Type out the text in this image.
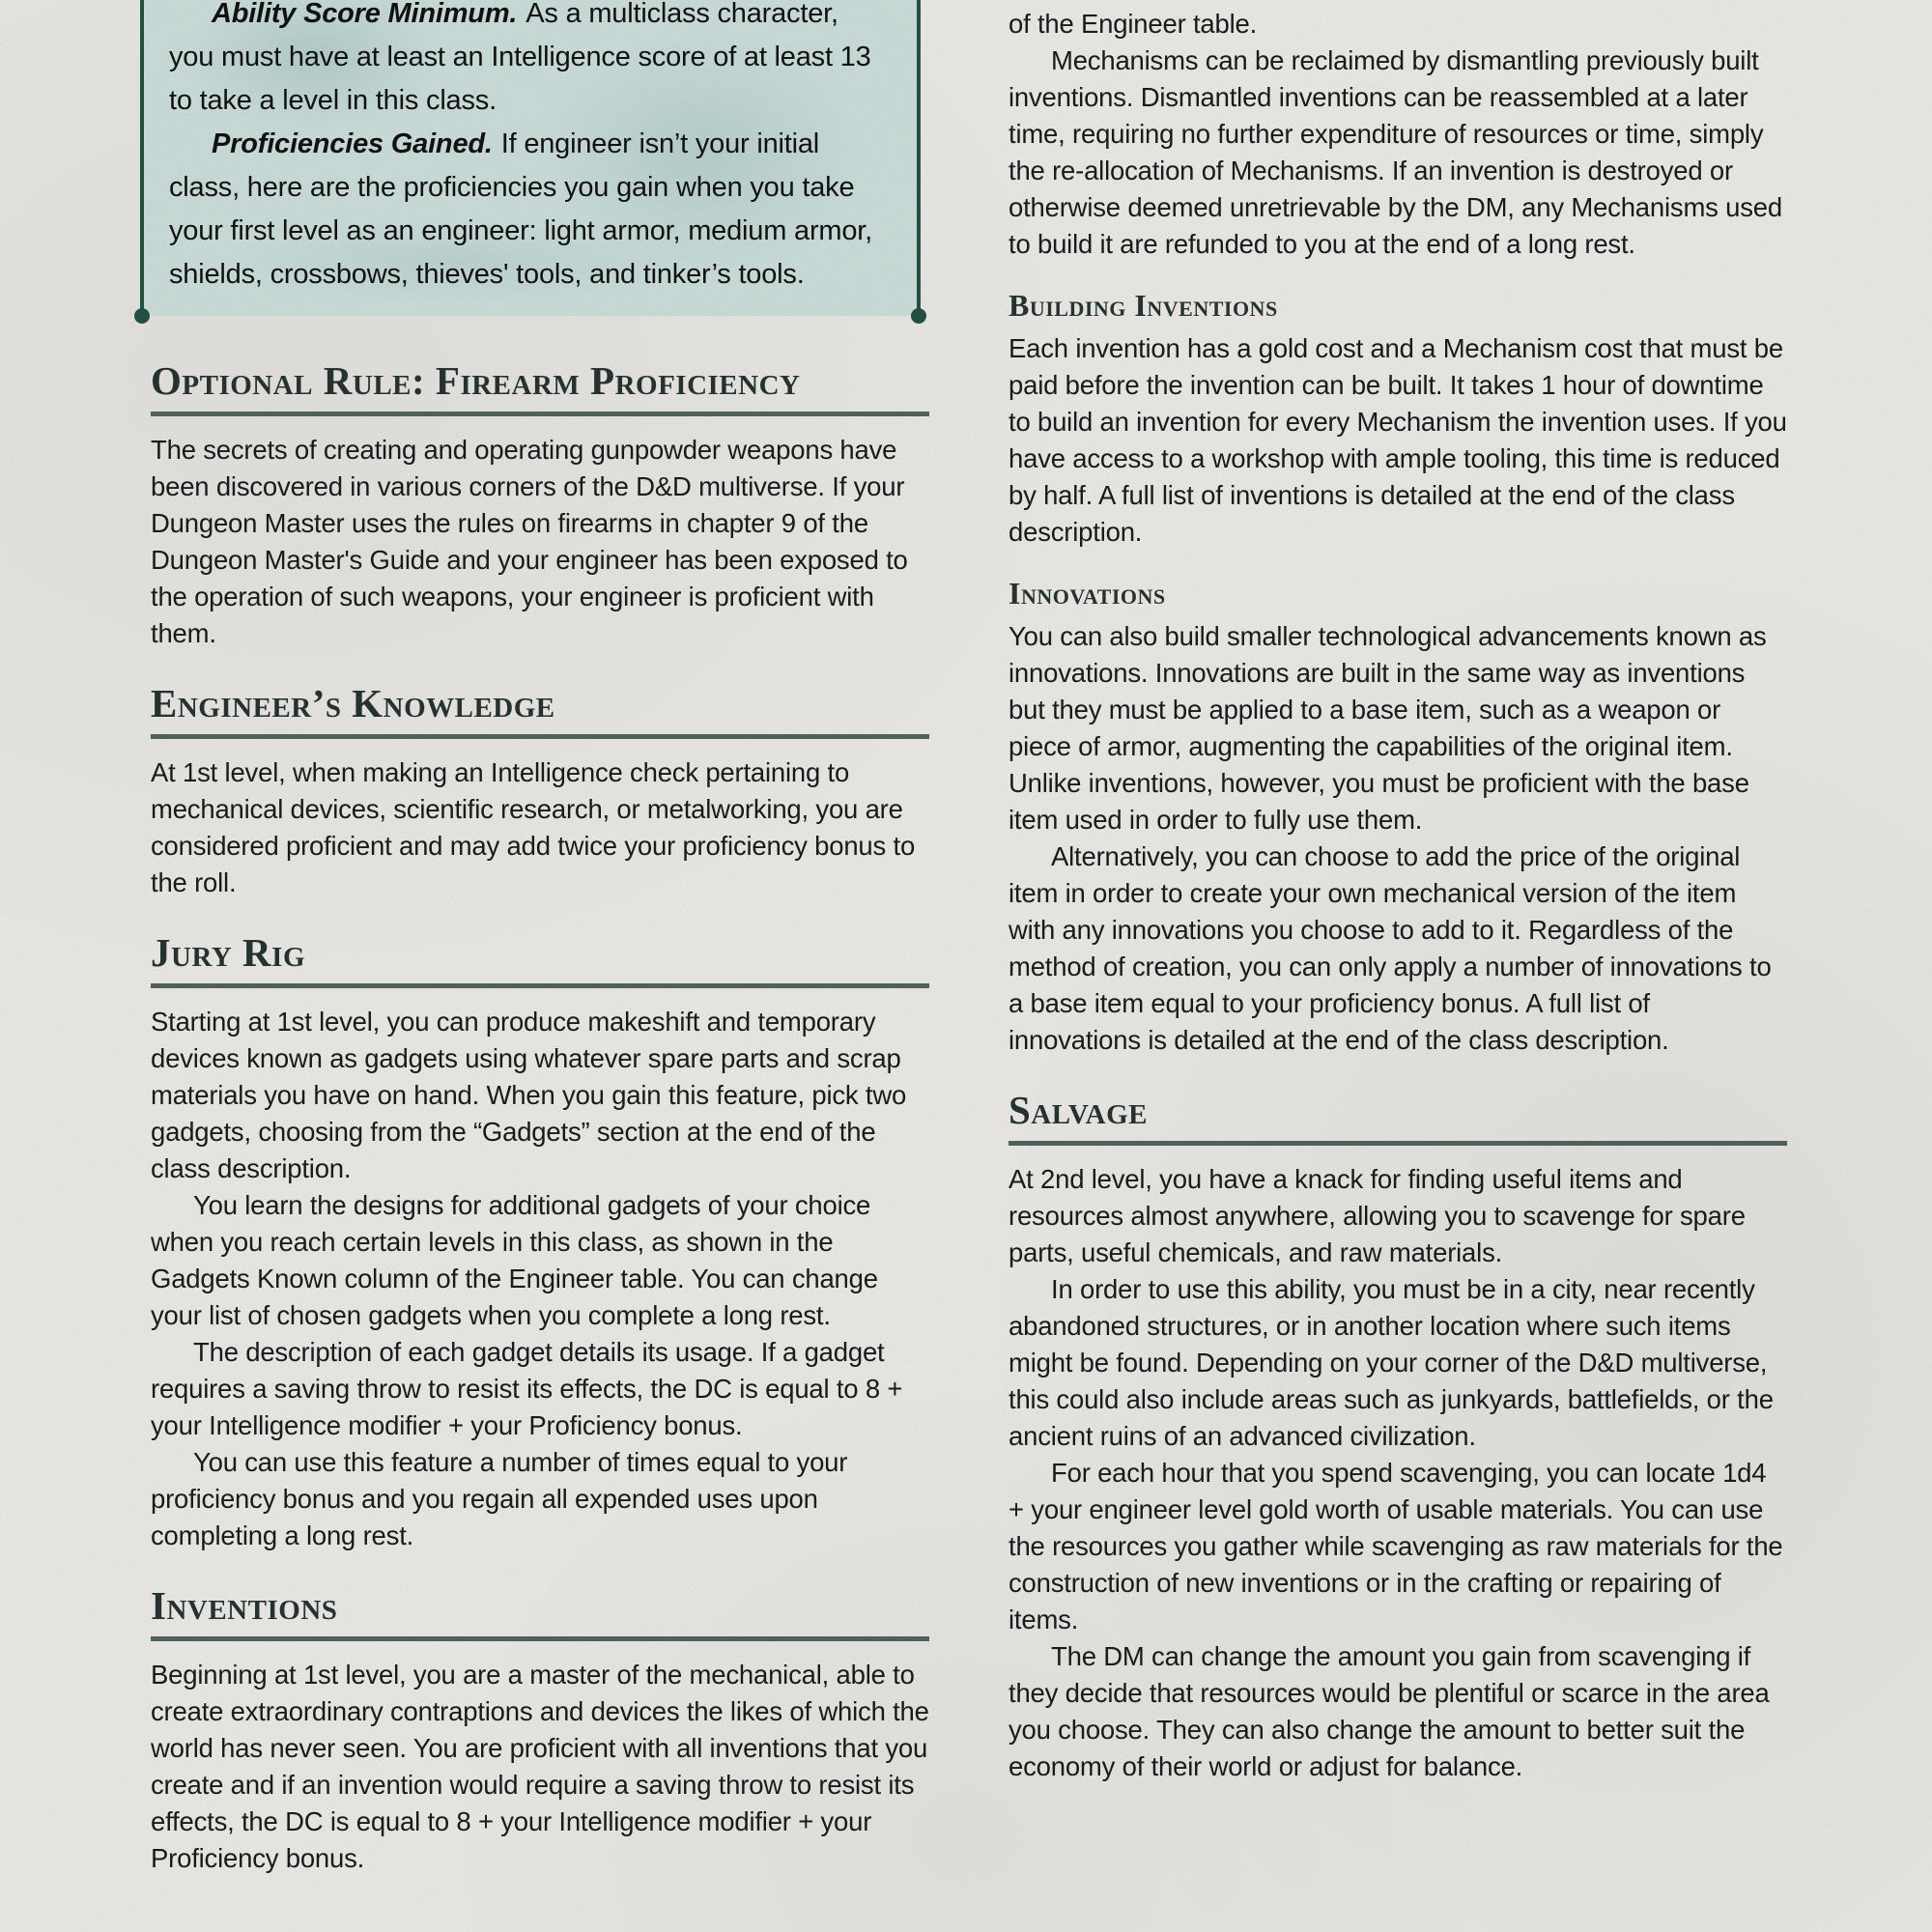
Ability Score Minimum. As a multiclass character, you must have at least an Intelligence score of at least 13 to take a level in this class.

Proficiencies Gained. If engineer isn’t your initial class, here are the proficiencies you gain when you take your first level as an engineer: light armor, medium armor, shields, crossbows, thieves' tools, and tinker’s tools.

Optional Rule: Firearm Proficiency

The secrets of creating and operating gunpowder weapons have been discovered in various corners of the D&D multiverse. If your Dungeon Master uses the rules on firearms in chapter 9 of the Dungeon Master's Guide and your engineer has been exposed to the operation of such weapons, your engineer is proficient with them.

Engineer’s Knowledge

At 1st level, when making an Intelligence check pertaining to mechanical devices, scientific research, or metalworking, you are considered proficient and may add twice your proficiency bonus to the roll.

Jury Rig

Starting at 1st level, you can produce makeshift and temporary devices known as gadgets using whatever spare parts and scrap materials you have on hand. When you gain this feature, pick two gadgets, choosing from the “Gadgets” section at the end of the class description.

You learn the designs for additional gadgets of your choice when you reach certain levels in this class, as shown in the Gadgets Known column of the Engineer table. You can change your list of chosen gadgets when you complete a long rest.

The description of each gadget details its usage. If a gadget requires a saving throw to resist its effects, the DC is equal to 8 + your Intelligence modifier + your Proficiency bonus.

You can use this feature a number of times equal to your proficiency bonus and you regain all expended uses upon completing a long rest.

Inventions

Beginning at 1st level, you are a master of the mechanical, able to create extraordinary contraptions and devices the likes of which the world has never seen. You are proficient with all inventions that you create and if an invention would require a saving throw to resist its effects, the DC is equal to 8 + your Intelligence modifier + your Proficiency bonus.

of the Engineer table.

Mechanisms can be reclaimed by dismantling previously built inventions. Dismantled inventions can be reassembled at a later time, requiring no further expenditure of resources or time, simply the re-allocation of Mechanisms. If an invention is destroyed or otherwise deemed unretrievable by the DM, any Mechanisms used to build it are refunded to you at the end of a long rest.

Building Inventions

Each invention has a gold cost and a Mechanism cost that must be paid before the invention can be built. It takes 1 hour of downtime to build an invention for every Mechanism the invention uses. If you have access to a workshop with ample tooling, this time is reduced by half. A full list of inventions is detailed at the end of the class description.

Innovations

You can also build smaller technological advancements known as innovations. Innovations are built in the same way as inventions but they must be applied to a base item, such as a weapon or piece of armor, augmenting the capabilities of the original item. Unlike inventions, however, you must be proficient with the base item used in order to fully use them.

Alternatively, you can choose to add the price of the original item in order to create your own mechanical version of the item with any innovations you choose to add to it. Regardless of the method of creation, you can only apply a number of innovations to a base item equal to your proficiency bonus. A full list of innovations is detailed at the end of the class description.

Salvage

At 2nd level, you have a knack for finding useful items and resources almost anywhere, allowing you to scavenge for spare parts, useful chemicals, and raw materials.

In order to use this ability, you must be in a city, near recently abandoned structures, or in another location where such items might be found. Depending on your corner of the D&D multiverse, this could also include areas such as junkyards, battlefields, or the ancient ruins of an advanced civilization.

For each hour that you spend scavenging, you can locate 1d4 + your engineer level gold worth of usable materials. You can use the resources you gather while scavenging as raw materials for the construction of new inventions or in the crafting or repairing of items.

The DM can change the amount you gain from scavenging if they decide that resources would be plentiful or scarce in the area you choose. They can also change the amount to better suit the economy of their world or adjust for balance.
